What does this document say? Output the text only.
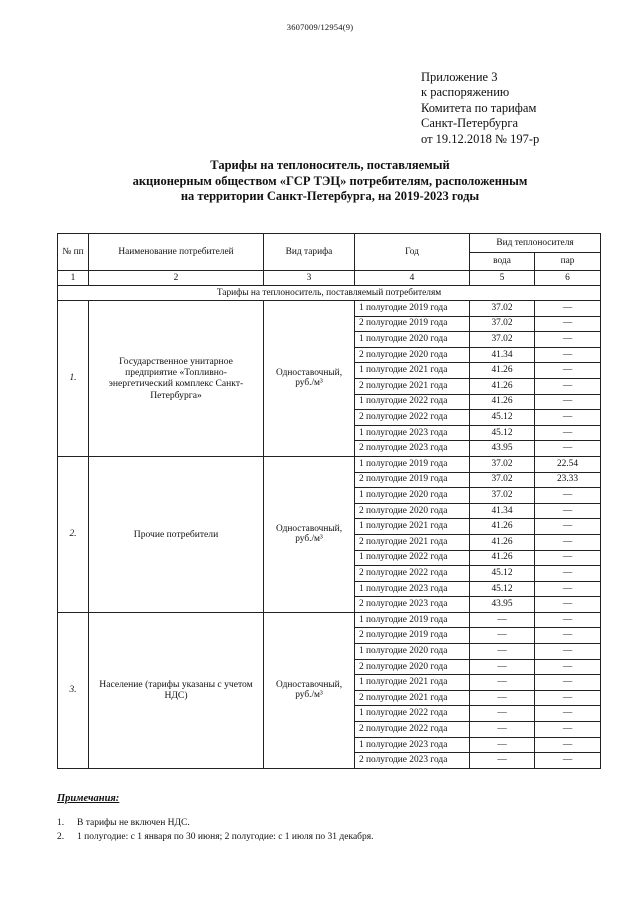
3607009/12954(9)
Приложение 3
к распоряжению
Комитета по тарифам
Санкт-Петербурга
от 19.12.2018 № 197-р
Тарифы на теплоноситель, поставляемый
акционерным обществом «ГСР ТЭЦ» потребителям, расположенным
на территории Санкт-Петербурга, на 2019-2023 годы
№ пп	Наименование потребителей	Вид тарифа	Год	Вид теплоносителя	
				вода	пар
1	2	3	4	5	6
Тарифы на теплоноситель, поставляемый потребителям					
1.	Государственное унитарное предприятие «Топливно-энергетический комплекс Санкт-Петербурга»	Одноставочный, руб./м³	1 полугодие 2019 года	37.02	—
			2 полугодие 2019 года	37.02	—
			1 полугодие 2020 года	37.02	—
			2 полугодие 2020 года	41.34	—
			1 полугодие 2021 года	41.26	—
			2 полугодие 2021 года	41.26	—
			1 полугодие 2022 года	41.26	—
			2 полугодие 2022 года	45.12	—
			1 полугодие 2023 года	45.12	—
			2 полугодие 2023 года	43.95	—
2.	Прочие потребители	Одноставочный, руб./м³	1 полугодие 2019 года	37.02	22.54
			2 полугодие 2019 года	37.02	23.33
			1 полугодие 2020 года	37.02	—
			2 полугодие 2020 года	41.34	—
			1 полугодие 2021 года	41.26	—
			2 полугодие 2021 года	41.26	—
			1 полугодие 2022 года	41.26	—
			2 полугодие 2022 года	45.12	—
			1 полугодие 2023 года	45.12	—
			2 полугодие 2023 года	43.95	—
3.	Население (тарифы указаны с учетом НДС)	Одноставочный, руб./м³	1 полугодие 2019 года	—	—
			2 полугодие 2019 года	—	—
			1 полугодие 2020 года	—	—
			2 полугодие 2020 года	—	—
			1 полугодие 2021 года	—	—
			2 полугодие 2021 года	—	—
			1 полугодие 2022 года	—	—
			2 полугодие 2022 года	—	—
			1 полугодие 2023 года	—	—
			2 полугодие 2023 года	—	—
Примечания:
1. В тарифы не включен НДС.
2. 1 полугодие: с 1 января по 30 июня; 2 полугодие: с 1 июля по 31 декабря.
